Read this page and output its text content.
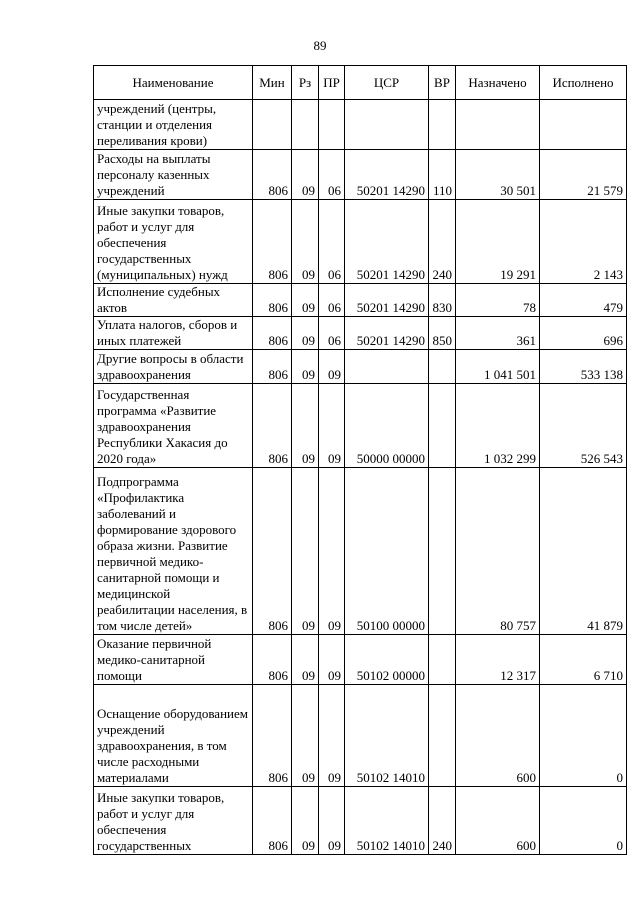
89
Наименование	Мин	Рз	ПР	ЦСР	ВР	Назначено	Исполнено
учреждений (центры, станции и отделения переливания крови)							
Расходы на выплаты персоналу казенных учреждений	806	09	06	50201 14290	110	30 501	21 579
Иные закупки товаров, работ и услуг для обеспечения государственных (муниципальных) нужд	806	09	06	50201 14290	240	19 291	2 143
Исполнение судебных актов	806	09	06	50201 14290	830	78	479
Уплата налогов, сборов и иных платежей	806	09	06	50201 14290	850	361	696
Другие вопросы в области здравоохранения	806	09	09			1 041 501	533 138
Государственная программа «Развитие здравоохранения Республики Хакасия до 2020 года»	806	09	09	50000 00000		1 032 299	526 543
Подпрограмма «Профилактика заболеваний и формирование здорового образа жизни. Развитие первичной медико-санитарной помощи и медицинской реабилитации населения, в том числе детей»	806	09	09	50100 00000		80 757	41 879
Оказание первичной медико-санитарной помощи	806	09	09	50102 00000		12 317	6 710
Оснащение оборудованием учреждений здравоохранения, в том числе расходными материалами	806	09	09	50102 14010		600	0
Иные закупки товаров, работ и услуг для обеспечения государственных	806	09	09	50102 14010	240	600	0
